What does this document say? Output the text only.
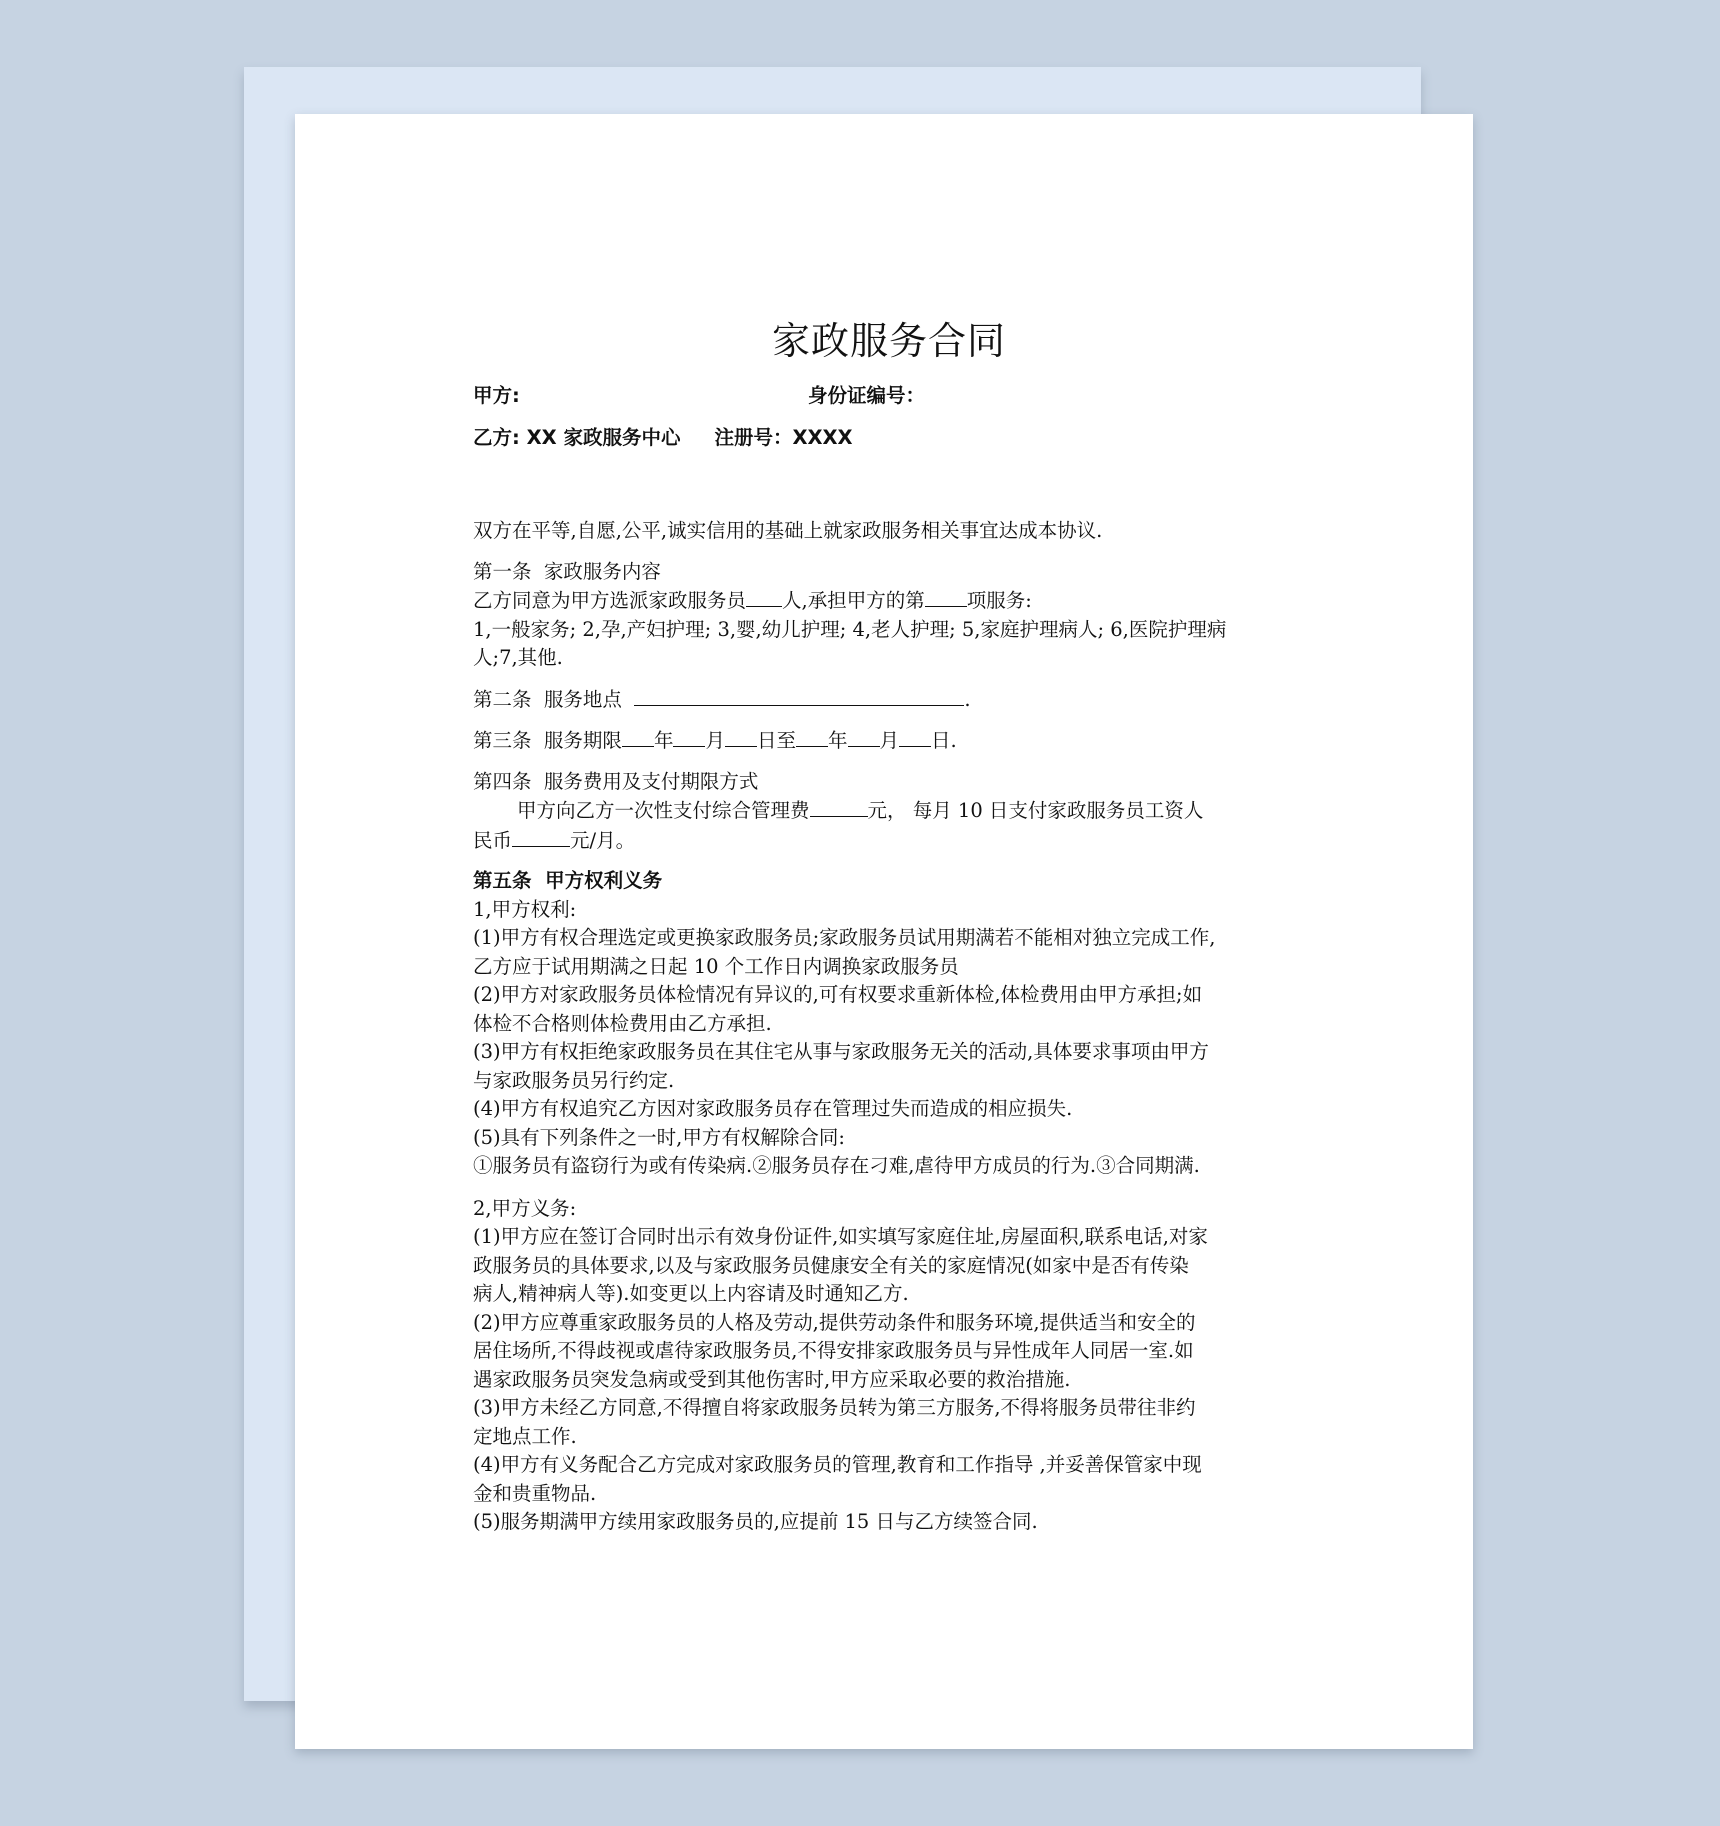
家政服务合同
甲方:	身份证编号：
乙方: XX 家政服务中心 注册号：XXXX
双方在平等,自愿,公平,诚实信用的基础上就家政服务相关事宜达成本协议.
第一条 家政服务内容
乙方同意为甲方选派家政服务员 人,承担甲方的第 项服务:
1,一般家务; 2,孕,产妇护理; 3,婴,幼儿护理; 4,老人护理; 5,家庭护理病人; 6,医院护理病
人;7,其他.
第二条 服务地点	.
第三条 服务期限 年 月 日至 年 月 日.
第四条 服务费用及支付期限方式
甲方向乙方一次性支付综合管理费	元， 每月 10 日支付家政服务员工资人
民币	元/月。
第五条 甲方权利义务
1,甲方权利:
(1)甲方有权合理选定或更换家政服务员;家政服务员试用期满若不能相对独立完成工作,
乙方应于试用期满之日起 10 个工作日内调换家政服务员
(2)甲方对家政服务员体检情况有异议的,可有权要求重新体检,体检费用由甲方承担;如
体检不合格则体检费用由乙方承担.
(3)甲方有权拒绝家政服务员在其住宅从事与家政服务无关的活动,具体要求事项由甲方
与家政服务员另行约定.
(4)甲方有权追究乙方因对家政服务员存在管理过失而造成的相应损失.
(5)具有下列条件之一时,甲方有权解除合同:
①服务员有盗窃行为或有传染病.②服务员存在刁难,虐待甲方成员的行为.③合同期满.
2,甲方义务:
(1)甲方应在签订合同时出示有效身份证件,如实填写家庭住址,房屋面积,联系电话,对家
政服务员的具体要求,以及与家政服务员健康安全有关的家庭情况(如家中是否有传染
病人,精神病人等).如变更以上内容请及时通知乙方.
(2)甲方应尊重家政服务员的人格及劳动,提供劳动条件和服务环境,提供适当和安全的
居住场所,不得歧视或虐待家政服务员,不得安排家政服务员与异性成年人同居一室.如
遇家政服务员突发急病或受到其他伤害时,甲方应采取必要的救治措施.
(3)甲方未经乙方同意,不得擅自将家政服务员转为第三方服务,不得将服务员带往非约
定地点工作.
(4)甲方有义务配合乙方完成对家政服务员的管理,教育和工作指导 ,并妥善保管家中现
金和贵重物品.
(5)服务期满甲方续用家政服务员的,应提前 15 日与乙方续签合同.
